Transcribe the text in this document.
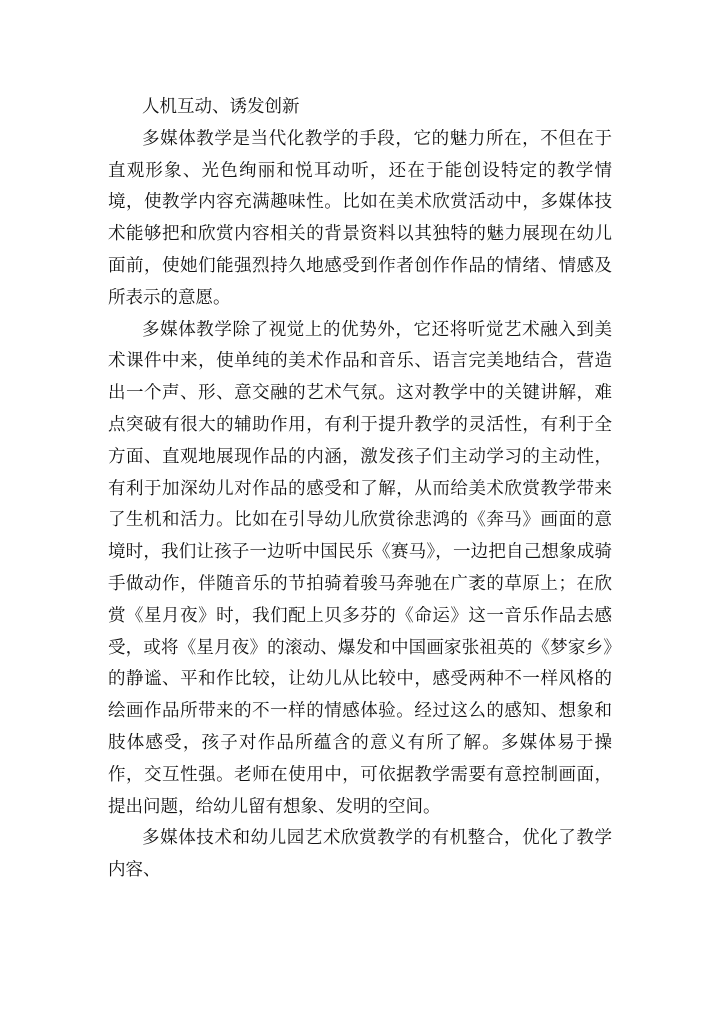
人机互动、诱发创新

多媒体教学是当代化教学的手段，它的魅力所在，不但在于直观形象、光色绚丽和悦耳动听，还在于能创设特定的教学情境，使教学内容充满趣味性。比如在美术欣赏活动中，多媒体技术能够把和欣赏内容相关的背景资料以其独特的魅力展现在幼儿面前，使她们能强烈持久地感受到作者创作作品的情绪、情感及所表示的意愿。

多媒体教学除了视觉上的优势外，它还将听觉艺术融入到美术课件中来，使单纯的美术作品和音乐、语言完美地结合，营造出一个声、形、意交融的艺术气氛。这对教学中的关键讲解，难点突破有很大的辅助作用，有利于提升教学的灵活性，有利于全方面、直观地展现作品的内涵，激发孩子们主动学习的主动性，有利于加深幼儿对作品的感受和了解，从而给美术欣赏教学带来了生机和活力。比如在引导幼儿欣赏徐悲鸿的《奔马》画面的意境时，我们让孩子一边听中国民乐《赛马》，一边把自己想象成骑手做动作，伴随音乐的节拍骑着骏马奔驰在广袤的草原上；在欣赏《星月夜》时，我们配上贝多芬的《命运》这一音乐作品去感受，或将《星月夜》的滚动、爆发和中国画家张祖英的《梦家乡》的静谧、平和作比较，让幼儿从比较中，感受两种不一样风格的绘画作品所带来的不一样的情感体验。经过这么的感知、想象和肢体感受，孩子对作品所蕴含的意义有所了解。多媒体易于操作，交互性强。老师在使用中，可依据教学需要有意控制画面，提出问题，给幼儿留有想象、发明的空间。

多媒体技术和幼儿园艺术欣赏教学的有机整合，优化了教学内容、
